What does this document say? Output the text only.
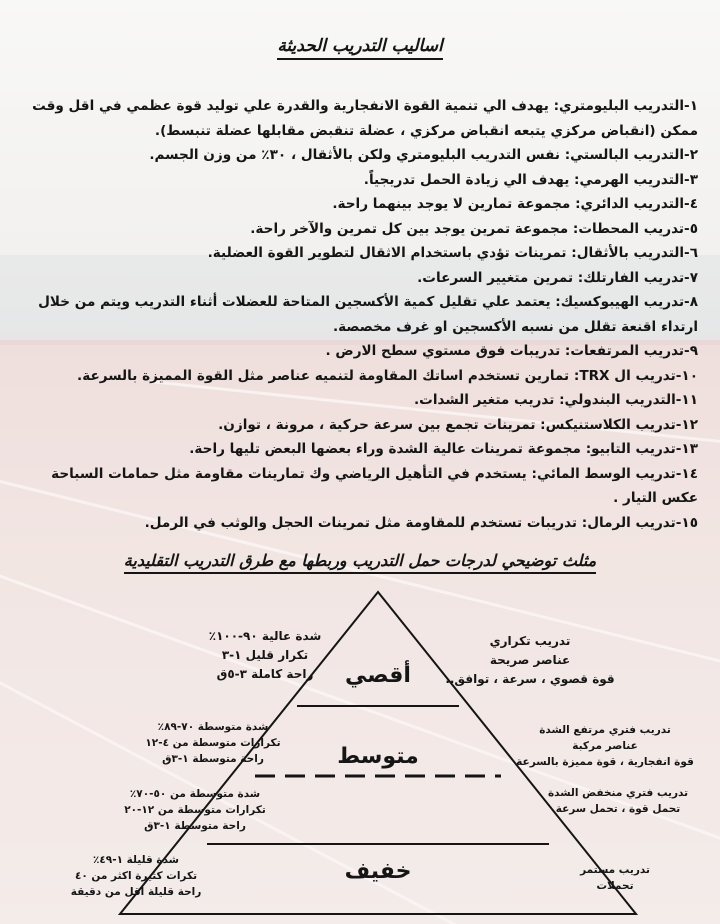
اساليب التدريب الحديثة

١-التدريب البليومتري: يهدف الي تنمية القوة الانفجارية والقدرة علي توليد قوة عظمي في اقل وقت ممكن (انقباض مركزي يتبعه انقباض مركزي ، عضلة تنقبض مقابلها عضلة تنبسط).

٢-التدريب البالستي: نفس التدريب البليومتري ولكن بالأثقال ، ٣٠٪ من وزن الجسم.

٣-التدريب الهرمي: يهدف الي زيادة الحمل تدريجياً.

٤-التدريب الدائري: مجموعة تمارين لا يوجد بينهما راحة.

٥-تدريب المحطات: مجموعة تمرين يوجد بين كل تمرين والآخر راحة.

٦-التدريب بالأثقال: تمرينات تؤدي باستخدام الاثقال لتطوير القوة العضلية.

٧-تدريب الفارتلك: تمرين متغيير السرعات.

٨-تدريب الهيبوكسيك: يعتمد علي تقليل كمية الأكسجين المتاحة للعضلات أثناء التدريب ويتم من خلال ارتداء اقنعة تقلل من نسبه الأكسجين او غرف مخصصة.

٩-تدريب المرتفعات: تدريبات فوق مستوي سطح الارض .

١٠-تدريب ال TRX: تمارين تستخدم اساتك المقاومة لتنميه عناصر مثل القوة المميزة بالسرعة.

١١-التدريب البندولي: تدريب متغير الشدات.

١٢-تدريب الكلاستنيكس: تمرينات تجمع بين سرعة حركية ، مرونة ، توازن.

١٣-تدريب التابيو: مجموعة تمرينات عالية الشدة وراء بعضها البعض تليها راحة.

١٤-تدريب الوسط المائي: يستخدم في التأهيل الرياضي وك تمارينات مقاومة مثل حمامات السباحة عكس التيار .

١٥-تدريب الرمال: تدريبات تستخدم للمقاومة مثل تمرينات الحجل والوثب في الرمل.

مثلث توضيحي لدرجات حمل التدريب وربطها مع طرق التدريب التقليدية
أقصي
متوسط
خفيف
شدة عالية ٩٠-١٠٠٪
تكرار قليل ١-٣
راحة كاملة ٣-٥ق
تدريب تكراري
عناصر صريحة
قوة قصوي ، سرعة ، توافق..
شدة متوسطة ٧٠-٨٩٪
تكرارات متوسطة من ٤-١٢
راحة متوسطة ١-٣ق
تدريب فتري مرتفع الشدة
عناصر مركبة
قوة انفجارية ، قوة مميزة بالسرعة
شدة متوسطة من ٥٠-٧٠٪
تكرارات متوسطة من ١٢-٢٠
راحة متوسطة ١-٣ق
تدريب فتري منخفض الشدة
تحمل قوة ، تحمل سرعة
شدة قليلة ١-٤٩٪
تكرات كثيرة اكثر من ٤٠
راحة قليلة اقل من دقيقة
تدريب مستمر
تحملات
